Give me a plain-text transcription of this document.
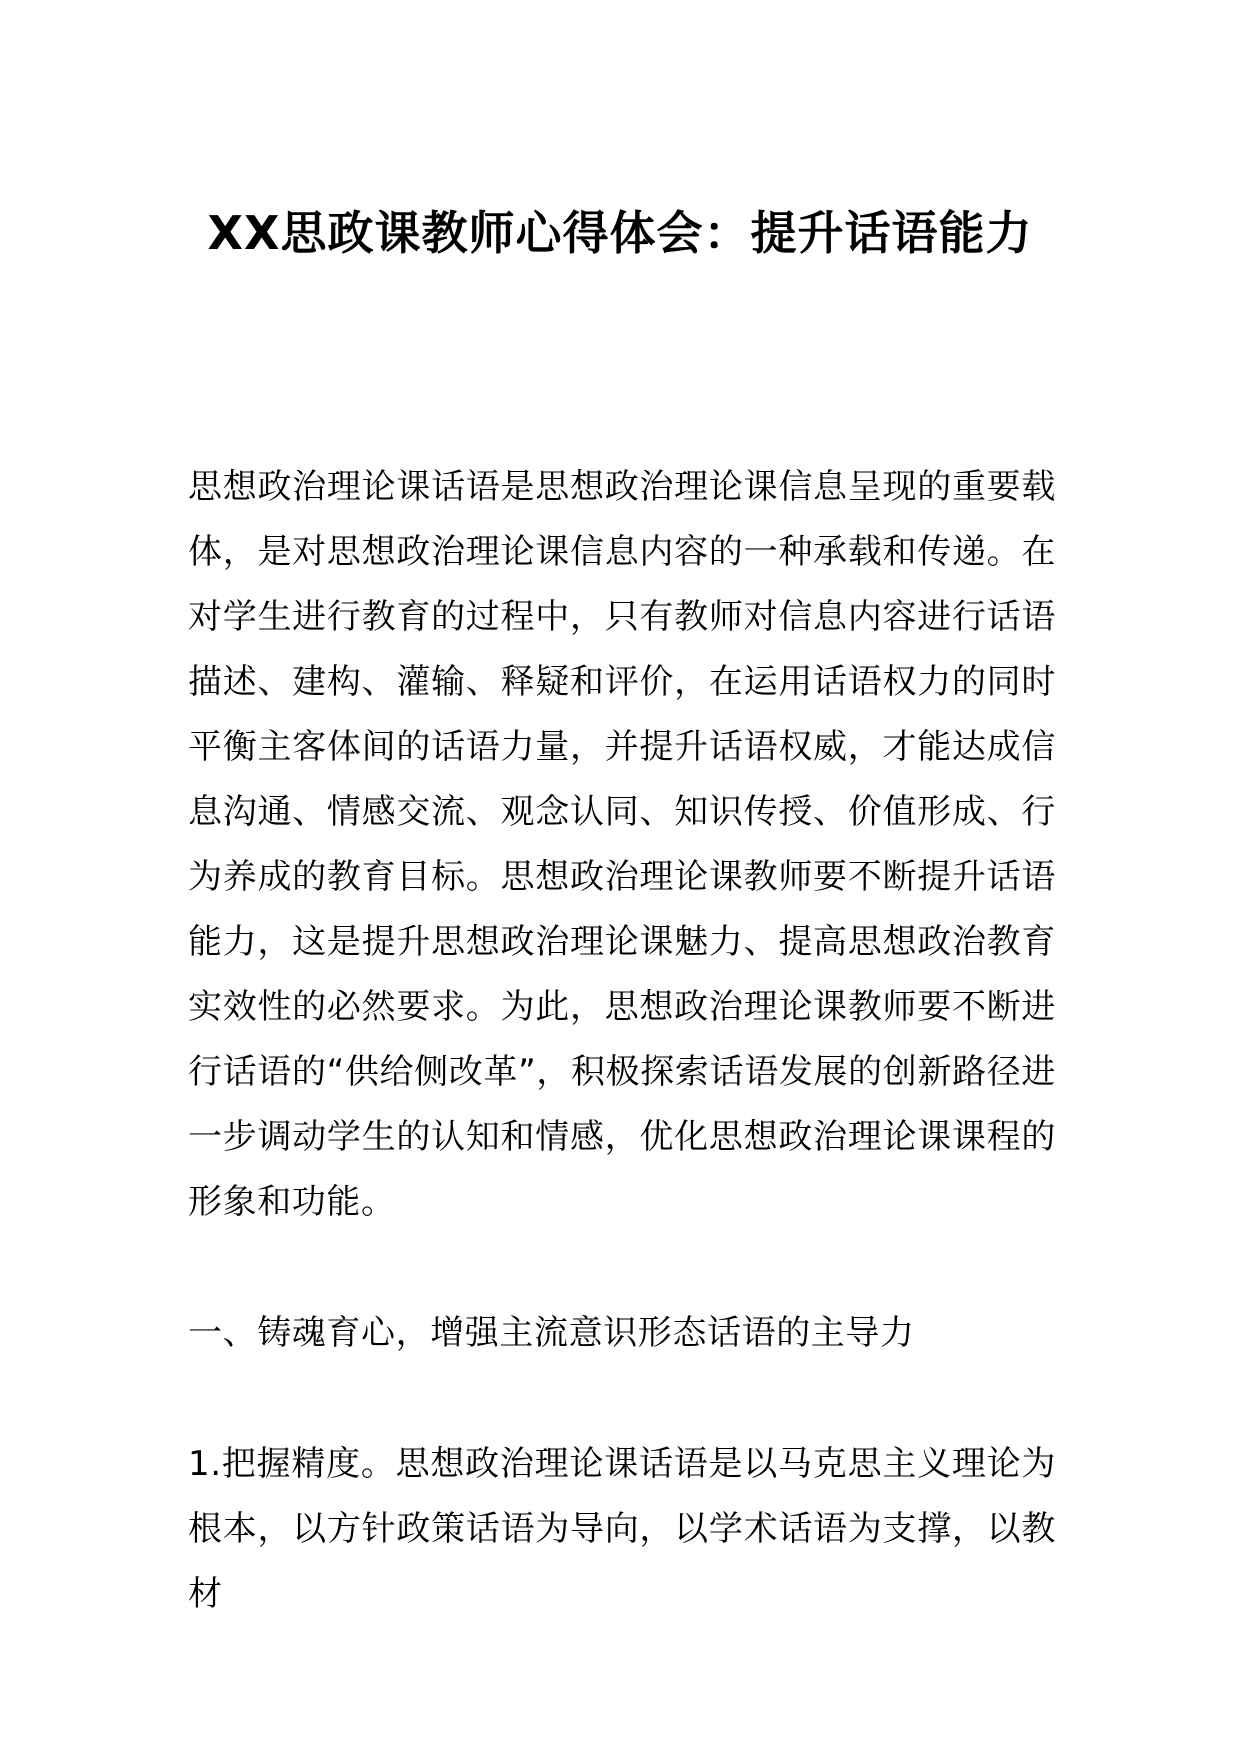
XX思政课教师心得体会：提升话语能力

思想政治理论课话语是思想政治理论课信息呈现的重要载体，是对思想政治理论课信息内容的一种承载和传递。在对学生进行教育的过程中，只有教师对信息内容进行话语描述、建构、灌输、释疑和评价，在运用话语权力的同时平衡主客体间的话语力量，并提升话语权威，才能达成信息沟通、情感交流、观念认同、知识传授、价值形成、行为养成的教育目标。思想政治理论课教师要不断提升话语能力，这是提升思想政治理论课魅力、提高思想政治教育实效性的必然要求。为此，思想政治理论课教师要不断进行话语的“供给侧改革”，积极探索话语发展的创新路径进一步调动学生的认知和情感，优化思想政治理论课课程的形象和功能。

一、铸魂育心，增强主流意识形态话语的主导力

1.把握精度。思想政治理论课话语是以马克思主义理论为根本，以方针政策话语为导向，以学术话语为支撑，以教材
